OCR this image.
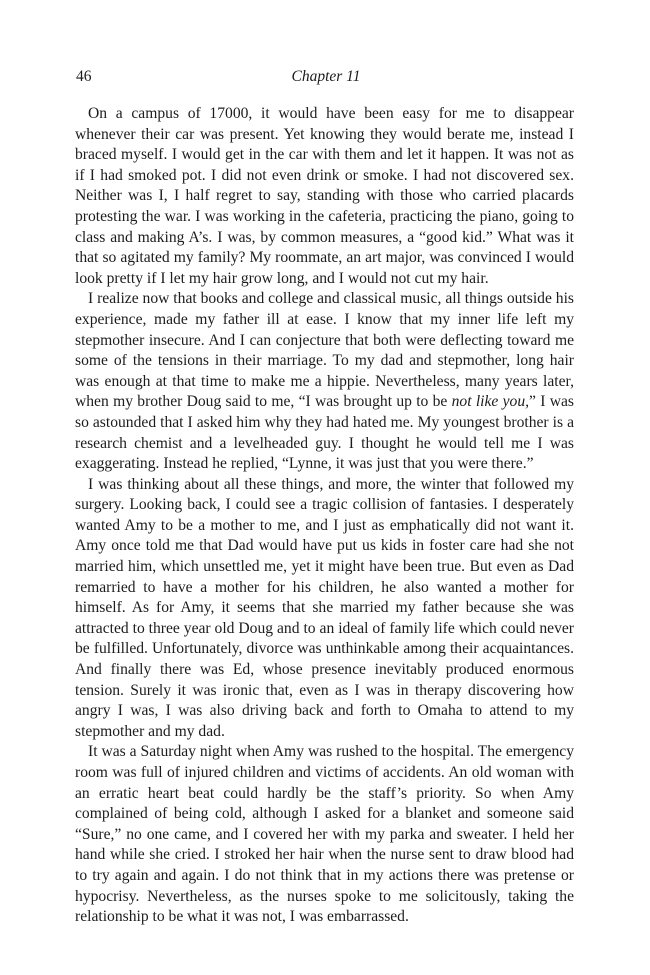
46	Chapter 11

On a campus of 17000, it would have been easy for me to disappear whenever their car was present. Yet knowing they would berate me, instead I braced myself. I would get in the car with them and let it happen. It was not as if I had smoked pot. I did not even drink or smoke. I had not discovered sex. Neither was I, I half regret to say, standing with those who carried placards protesting the war. I was working in the cafeteria, practicing the piano, going to class and making A’s. I was, by common measures, a “good kid.” What was it that so agitated my family? My roommate, an art major, was convinced I would look pretty if I let my hair grow long, and I would not cut my hair.

I realize now that books and college and classical music, all things outside his experience, made my father ill at ease. I know that my inner life left my stepmother insecure. And I can conjecture that both were deflecting toward me some of the tensions in their marriage. To my dad and stepmother, long hair was enough at that time to make me a hippie. Nevertheless, many years later, when my brother Doug said to me, “I was brought up to be not like you,” I was so astounded that I asked him why they had hated me. My youngest brother is a research chemist and a levelheaded guy. I thought he would tell me I was exaggerating. Instead he replied, “Lynne, it was just that you were there.”

I was thinking about all these things, and more, the winter that followed my surgery. Looking back, I could see a tragic collision of fantasies. I desperately wanted Amy to be a mother to me, and I just as emphatically did not want it. Amy once told me that Dad would have put us kids in foster care had she not married him, which unsettled me, yet it might have been true. But even as Dad remarried to have a mother for his children, he also wanted a mother for himself. As for Amy, it seems that she married my father because she was attracted to three year old Doug and to an ideal of family life which could never be fulfilled. Unfortunately, divorce was unthinkable among their acquaintances. And finally there was Ed, whose presence inevitably produced enormous tension. Surely it was ironic that, even as I was in therapy discovering how angry I was, I was also driving back and forth to Omaha to attend to my stepmother and my dad.

It was a Saturday night when Amy was rushed to the hospital. The emergency room was full of injured children and victims of accidents. An old woman with an erratic heart beat could hardly be the staff’s priority. So when Amy complained of being cold, although I asked for a blanket and someone said “Sure,” no one came, and I covered her with my parka and sweater. I held her hand while she cried. I stroked her hair when the nurse sent to draw blood had to try again and again. I do not think that in my actions there was pretense or hypocrisy. Nevertheless, as the nurses spoke to me solicitously, taking the relationship to be what it was not, I was embarrassed.
